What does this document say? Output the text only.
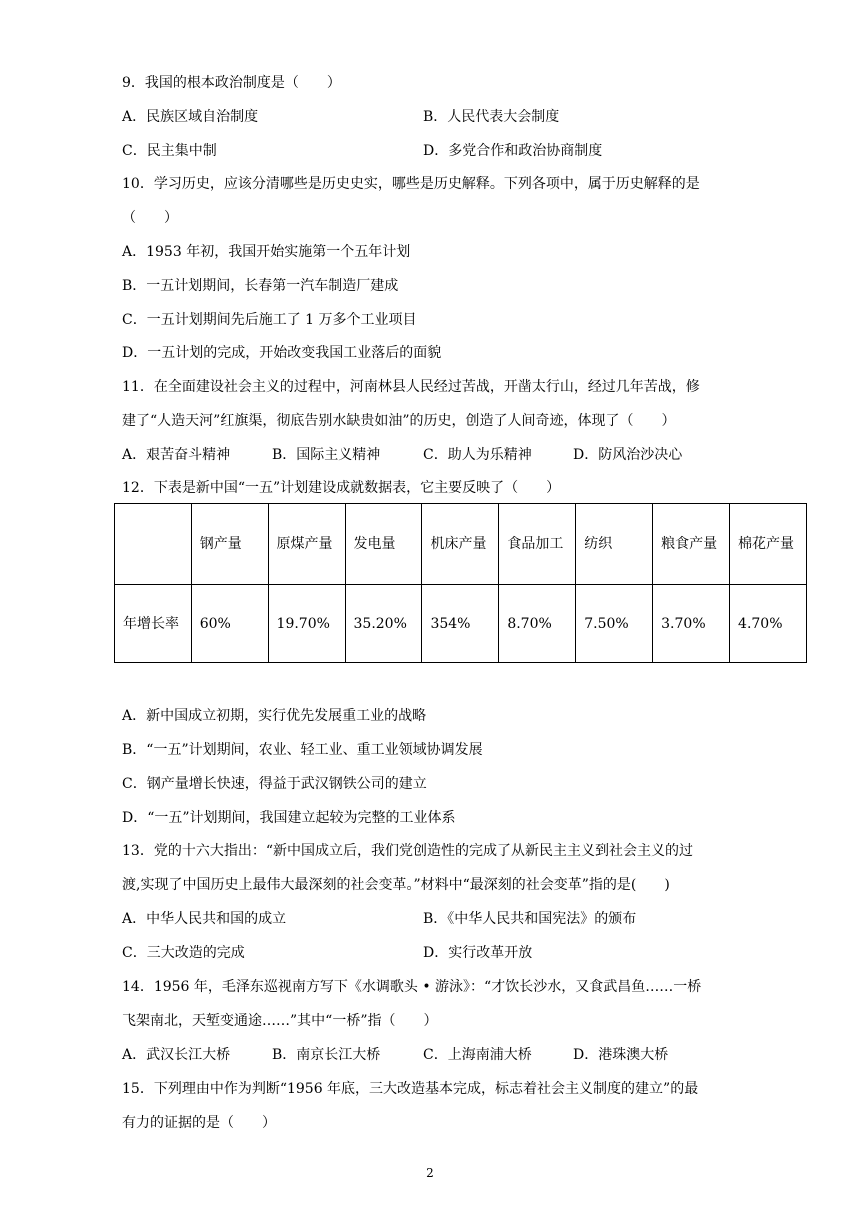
9．我国的根本政治制度是（　　）
A．民族区域自治制度	B．人民代表大会制度
C．民主集中制	D．多党合作和政治协商制度
10．学习历史，应该分清哪些是历史史实，哪些是历史解释。下列各项中，属于历史解释的是
（　　）
A．1953 年初，我国开始实施第一个五年计划
B．一五计划期间，长春第一汽车制造厂建成
C．一五计划期间先后施工了 1 万多个工业项目
D．一五计划的完成，开始改变我国工业落后的面貌
11．在全面建设社会主义的过程中，河南林县人民经过苦战，开凿太行山，经过几年苦战，修
建了“人造天河”红旗渠，彻底告别水缺贵如油”的历史，创造了人间奇迹，体现了（　　）
A．艰苦奋斗精神	B．国际主义精神	C．助人为乐精神	D．防风治沙决心
12．下表是新中国“一五”计划建设成就数据表，它主要反映了（　　）
	钢产量	原煤产量	发电量	机床产量	食品加工	纺织	粮食产量	棉花产量
年增长率	60%	19.70%	35.20%	354%	8.70%	7.50%	3.70%	4.70%
A．新中国成立初期，实行优先发展重工业的战略
B．“一五”计划期间，农业、轻工业、重工业领域协调发展
C．钢产量增长快速，得益于武汉钢铁公司的建立
D．“一五”计划期间，我国建立起较为完整的工业体系
13．党的十六大指出：“新中国成立后，我们党创造性的完成了从新民主主义到社会主义的过
渡,实现了中国历史上最伟大最深刻的社会变革。”材料中“最深刻的社会变革”指的是(　　)
A．中华人民共和国的成立	B．《中华人民共和国宪法》的颁布
C．三大改造的完成	D．实行改革开放
14．1956 年，毛泽东巡视南方写下《水调歌头 • 游泳》：“才饮长沙水，又食武昌鱼……一桥
飞架南北，天堑变通途……”其中“一桥”指（　　）
A．武汉长江大桥	B．南京长江大桥	C．上海南浦大桥	D．港珠澳大桥
15．下列理由中作为判断“1956 年底，三大改造基本完成，标志着社会主义制度的建立”的最
有力的证据的是（　　）
2
